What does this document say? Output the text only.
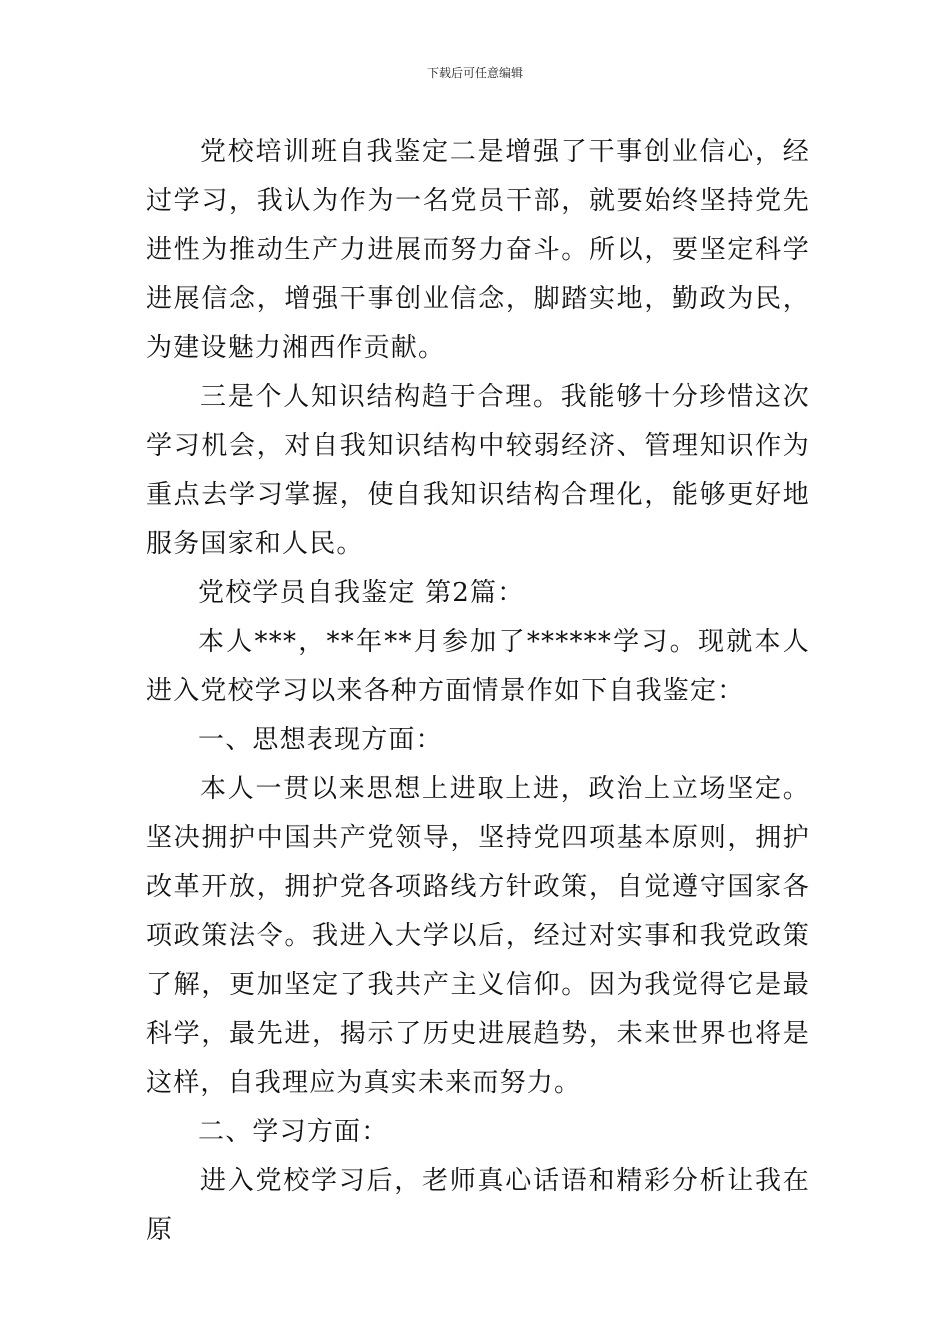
下载后可任意编辑

党校培训班自我鉴定二是增强了干事创业信心，经过学习，我认为作为一名党员干部，就要始终坚持党先进性为推动生产力进展而努力奋斗。所以，要坚定科学进展信念，增强干事创业信念，脚踏实地，勤政为民，为建设魅力湘西作贡献。

三是个人知识结构趋于合理。我能够十分珍惜这次学习机会，对自我知识结构中较弱经济、管理知识作为重点去学习掌握，使自我知识结构合理化，能够更好地服务国家和人民。

党校学员自我鉴定 第2篇：

本人***，**年**月参加了******学习。现就本人进入党校学习以来各种方面情景作如下自我鉴定：

一、思想表现方面：

本人一贯以来思想上进取上进，政治上立场坚定。坚决拥护中国共产党领导，坚持党四项基本原则，拥护改革开放，拥护党各项路线方针政策，自觉遵守国家各项政策法令。我进入大学以后，经过对实事和我党政策了解，更加坚定了我共产主义信仰。因为我觉得它是最科学，最先进，揭示了历史进展趋势，未来世界也将是这样，自我理应为真实未来而努力。

二、学习方面：

进入党校学习后，老师真心话语和精彩分析让我在原
